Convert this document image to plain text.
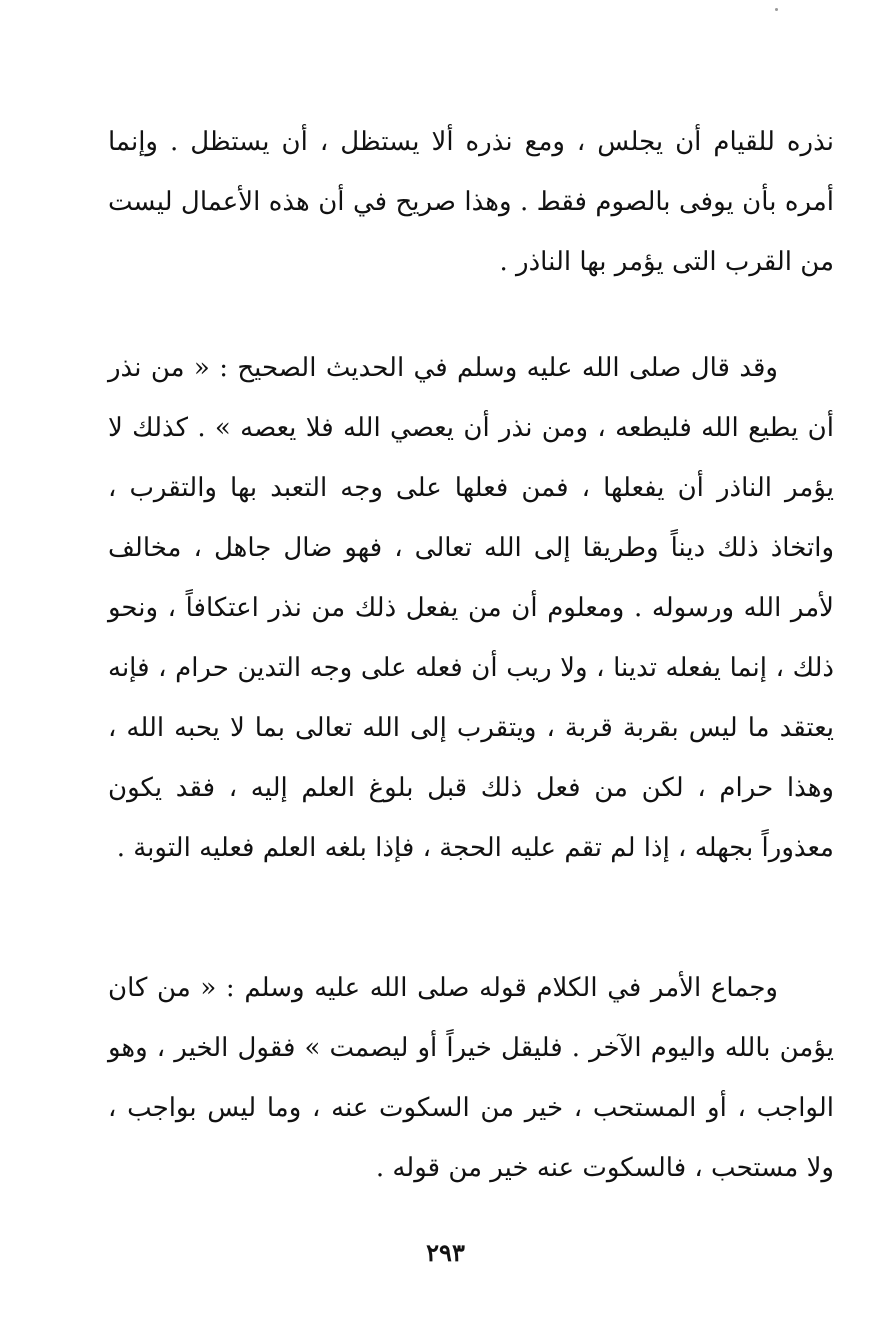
نذره للقيام أن يجلس ، ومع نذره ألا يستظل ، أن يستظل . وإنما أمره بأن يوفى بالصوم فقط . وهذا صريح في أن هذه الأعمال ليست من القرب التى يؤمر بها الناذر .

وقد قال صلى الله عليه وسلم في الحديث الصحيح : « من نذر أن يطيع الله فليطعه ، ومن نذر أن يعصي الله فلا يعصه » . كذلك لا يؤمر الناذر أن يفعلها ، فمن فعلها على وجه التعبد بها والتقرب ، واتخاذ ذلك ديناً وطريقا إلى الله تعالى ، فهو ضال جاهل ، مخالف لأمر الله ورسوله . ومعلوم أن من يفعل ذلك من نذر اعتكافاً ، ونحو ذلك ، إنما يفعله تدينا ، ولا ريب أن فعله على وجه التدين حرام ، فإنه يعتقد ما ليس بقربة قربة ، ويتقرب إلى الله تعالى بما لا يحبه الله ، وهذا حرام ، لكن من فعل ذلك قبل بلوغ العلم إليه ، فقد يكون معذوراً بجهله ، إذا لم تقم عليه الحجة ، فإذا بلغه العلم فعليه التوبة .

وجماع الأمر في الكلام قوله صلى الله عليه وسلم : « من كان يؤمن بالله واليوم الآخر . فليقل خيراً أو ليصمت » فقول الخير ، وهو الواجب ، أو المستحب ، خير من السكوت عنه ، وما ليس بواجب ، ولا مستحب ، فالسكوت عنه خير من قوله .

٢٩٣
